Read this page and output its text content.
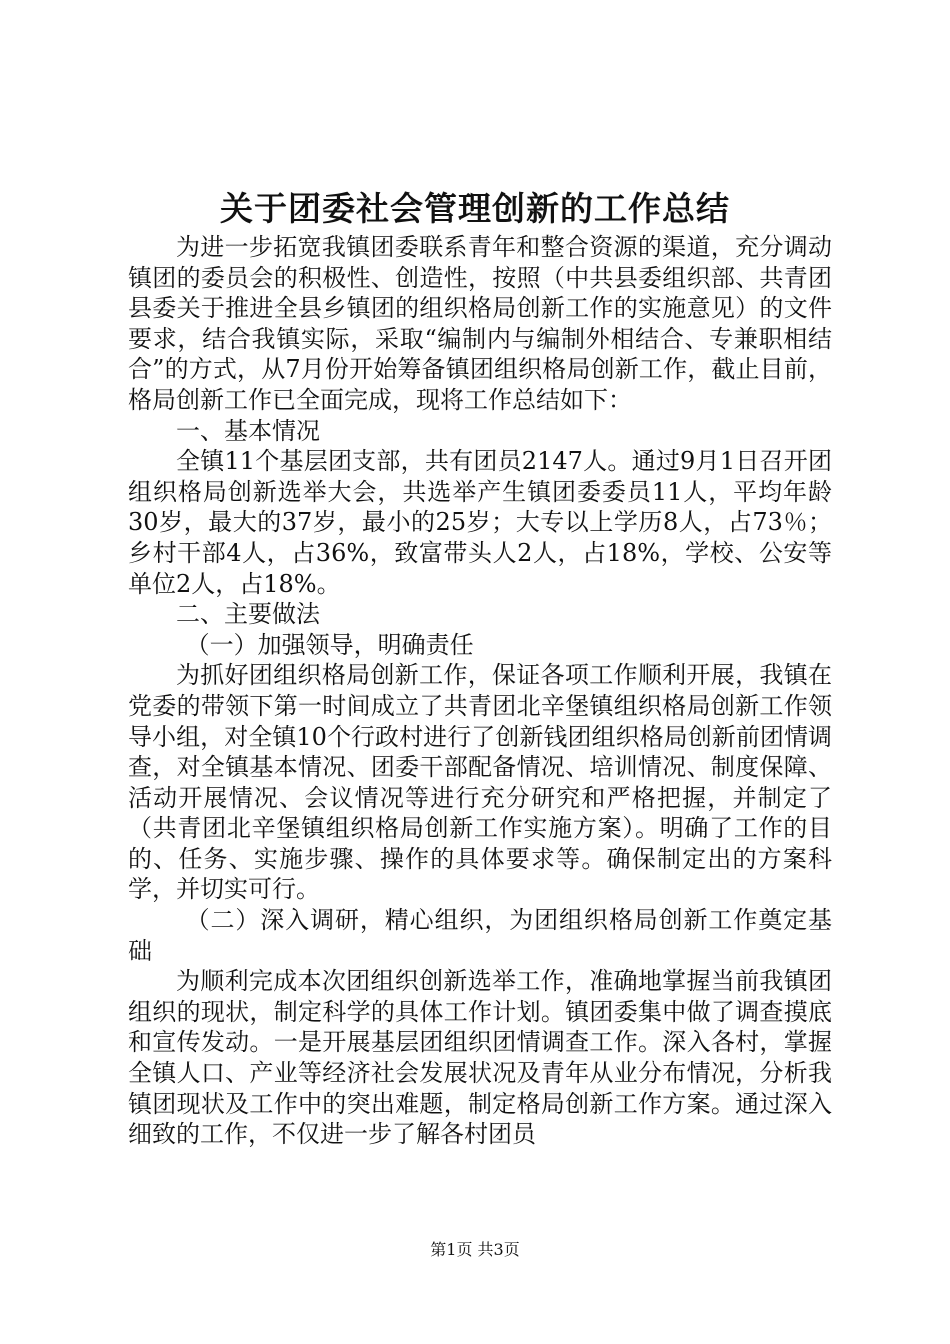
关于团委社会管理创新的工作总结

为进一步拓宽我镇团委联系青年和整合资源的渠道，充分调动镇团的委员会的积极性、创造性，按照（中共县委组织部、共青团县委关于推进全县乡镇团的组织格局创新工作的实施意见）的文件要求，结合我镇实际，采取“编制内与编制外相结合、专兼职相结合”的方式，从7月份开始筹备镇团组织格局创新工作，截止目前，格局创新工作已全面完成，现将工作总结如下：

一、基本情况

全镇11个基层团支部，共有团员2147人。通过9月1日召开团组织格局创新选举大会，共选举产生镇团委委员11人，平均年龄30岁，最大的37岁，最小的25岁；大专以上学历8人，占73％；乡村干部4人，占36%，致富带头人2人，占18%，学校、公安等单位2人，占18%。

二、主要做法

（一）加强领导，明确责任

为抓好团组织格局创新工作，保证各项工作顺利开展，我镇在党委的带领下第一时间成立了共青团北辛堡镇组织格局创新工作领导小组，对全镇10个行政村进行了创新钱团组织格局创新前团情调查，对全镇基本情况、团委干部配备情况、培训情况、制度保障、活动开展情况、会议情况等进行充分研究和严格把握，并制定了（共青团北辛堡镇组织格局创新工作实施方案）。明确了工作的目的、任务、实施步骤、操作的具体要求等。确保制定出的方案科学，并切实可行。

（二）深入调研，精心组织，为团组织格局创新工作奠定基础

为顺利完成本次团组织创新选举工作，准确地掌握当前我镇团组织的现状，制定科学的具体工作计划。镇团委集中做了调查摸底和宣传发动。一是开展基层团组织团情调查工作。深入各村，掌握全镇人口、产业等经济社会发展状况及青年从业分布情况，分析我镇团现状及工作中的突出难题，制定格局创新工作方案。通过深入细致的工作，不仅进一步了解各村团员

第1页 共3页
